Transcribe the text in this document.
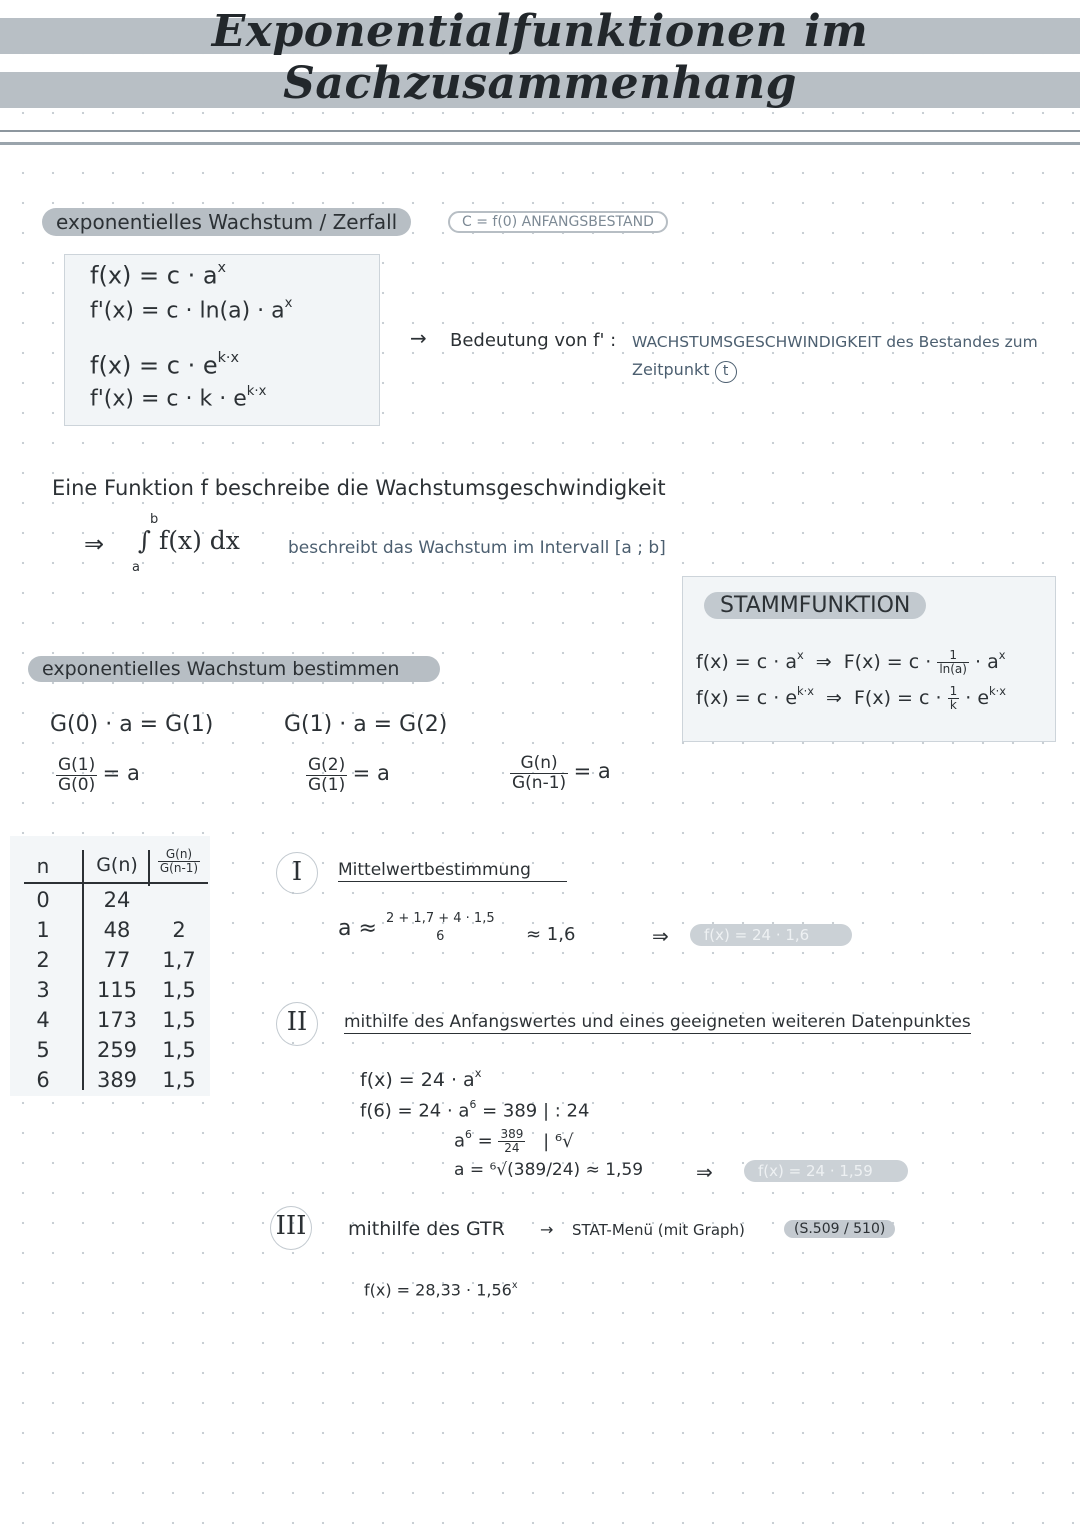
Exponentialfunktionen im
Sachzusammenhang
exponentielles Wachstum / Zerfall	C = f(0) ANFANGSBESTAND
$f(x) = c \cdot a^x$
$f'(x) = c \cdot \ln(a) \cdot a^x$
$f(x) = c \cdot e^{k\cdot x}$
$f'(x) = c \cdot k \cdot e^{k\cdot x}$
→ Bedeutung von f' : WACHSTUMSGESCHWINDIGKEIT des Bestandes zum
Zeitpunkt t
Eine Funktion f beschreibe die Wachstumsgeschwindigkeit
⇒
b
a
∫ f(x) dx	beschreibt das Wachstum im Intervall [a ; b]
STAMMFUNKTION
$f(x) = c \cdot a^x$ ⇒ $F(x) = c \cdot \frac{1}{\ln(a)} \cdot a^x$
$f(x) = c \cdot e^{k\cdot x}$ ⇒ $F(x) = c \cdot \frac{1}{k} \cdot e^{k\cdot x}$
exponentielles Wachstum bestimmen
G(0) · a = G(1)	G(1) · a = G(2)
$\frac{G(1)}{G(0)} = a$	$\frac{G(2)}{G(1)} = a$	$\frac{G(n)}{G(n-1)} = a$
n	G(n)	$\frac{G(n)}{G(n-1)}$
0	24
1	48	2
2	77	1,7
3	115	1,5
4	173	1,5
5	259	1,5
6	389	1,5
I	Mittelwertbestimmung
a ≈ 2 + 1,7 + 4 · 1,5
6	≈ 1,6	⇒	f(x) = 24 · 1,6
II	mithilfe des Anfangswertes und eines geeigneten weiteren Datenpunktes
$f(x) = 24 \cdot a^x$
$f(6) = 24 \cdot a^6 = 389$ | : 24
$a^6 = \frac{389}{24}$ | ⁶√
a = ⁶√(389/24) ≈ 1,59	⇒	f(x) = 24 · 1,59
III mithilfe des GTR → STAT-Menü (mit Graph)	(S.509 / 510)
$f(x) = 28,33 \cdot 1,56^x$
